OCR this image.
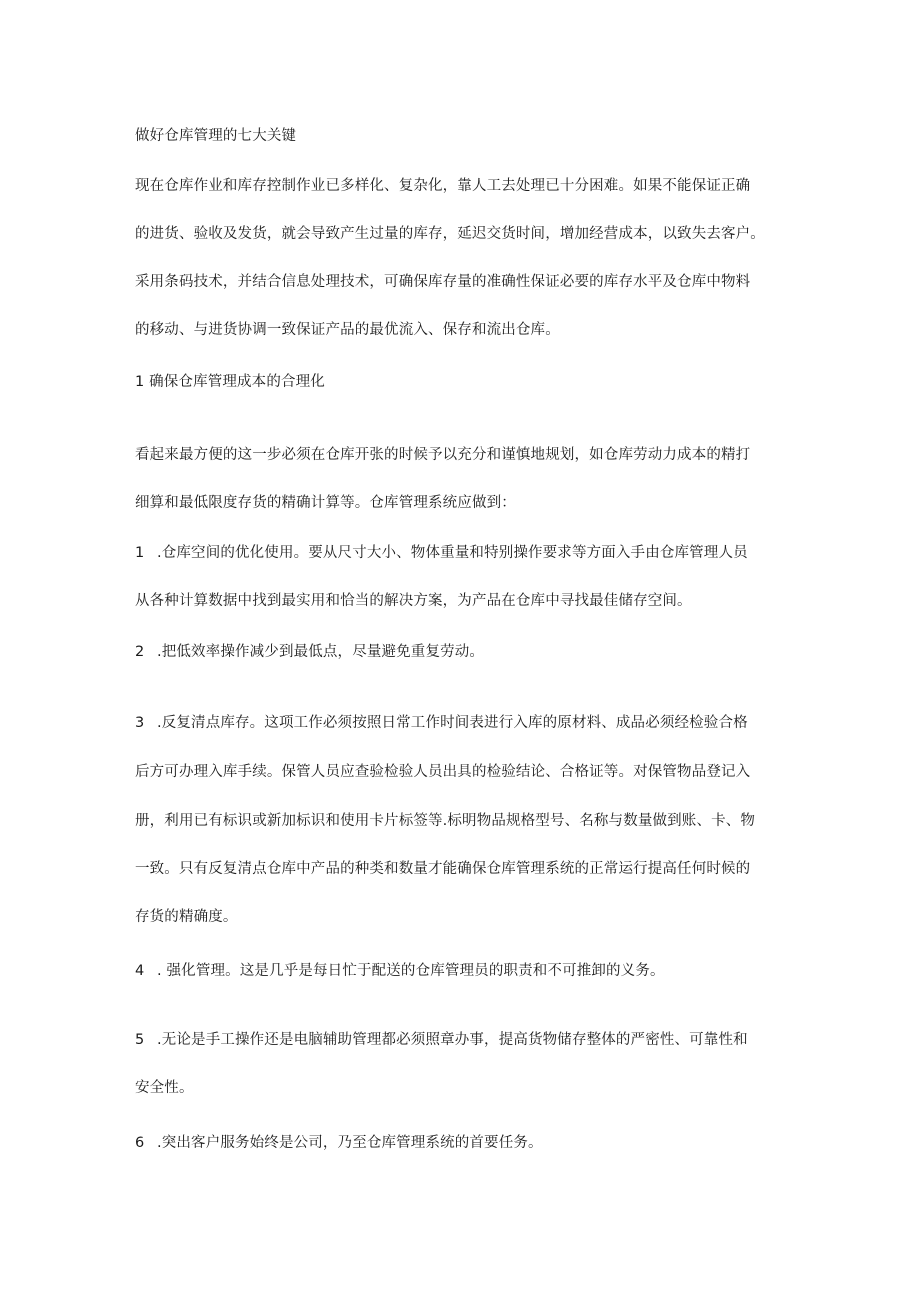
做好仓库管理的七大关键
现在仓库作业和库存控制作业已多样化、复杂化，靠人工去处理已十分困难。如果不能保证正确
的进货、验收及发货，就会导致产生过量的库存，延迟交货时间，增加经营成本，以致失去客户。
采用条码技术，并结合信息处理技术，可确保库存量的准确性保证必要的库存水平及仓库中物料
的移动、与进货协调一致保证产品的最优流入、保存和流出仓库。
1 确保仓库管理成本的合理化
看起来最方便的这一步必须在仓库开张的时候予以充分和谨慎地规划，如仓库劳动力成本的精打
细算和最低限度存货的精确计算等。仓库管理系统应做到：
1 .仓库空间的优化使用。要从尺寸大小、物体重量和特别操作要求等方面入手由仓库管理人员
从各种计算数据中找到最实用和恰当的解决方案，为产品在仓库中寻找最佳储存空间。
2 .把低效率操作减少到最低点，尽量避免重复劳动。
3 .反复清点库存。这项工作必须按照日常工作时间表进行入库的原材料、成品必须经检验合格
后方可办理入库手续。保管人员应查验检验人员出具的检验结论、合格证等。对保管物品登记入
册，利用已有标识或新加标识和使用卡片标签等.标明物品规格型号、名称与数量做到账、卡、物
一致。只有反复清点仓库中产品的种类和数量才能确保仓库管理系统的正常运行提高任何时候的
存货的精确度。
4 . 强化管理。这是几乎是每日忙于配送的仓库管理员的职责和不可推卸的义务。
5 .无论是手工操作还是电脑辅助管理都必须照章办事，提高货物储存整体的严密性、可靠性和
安全性。
6 .突出客户服务始终是公司，乃至仓库管理系统的首要任务。
